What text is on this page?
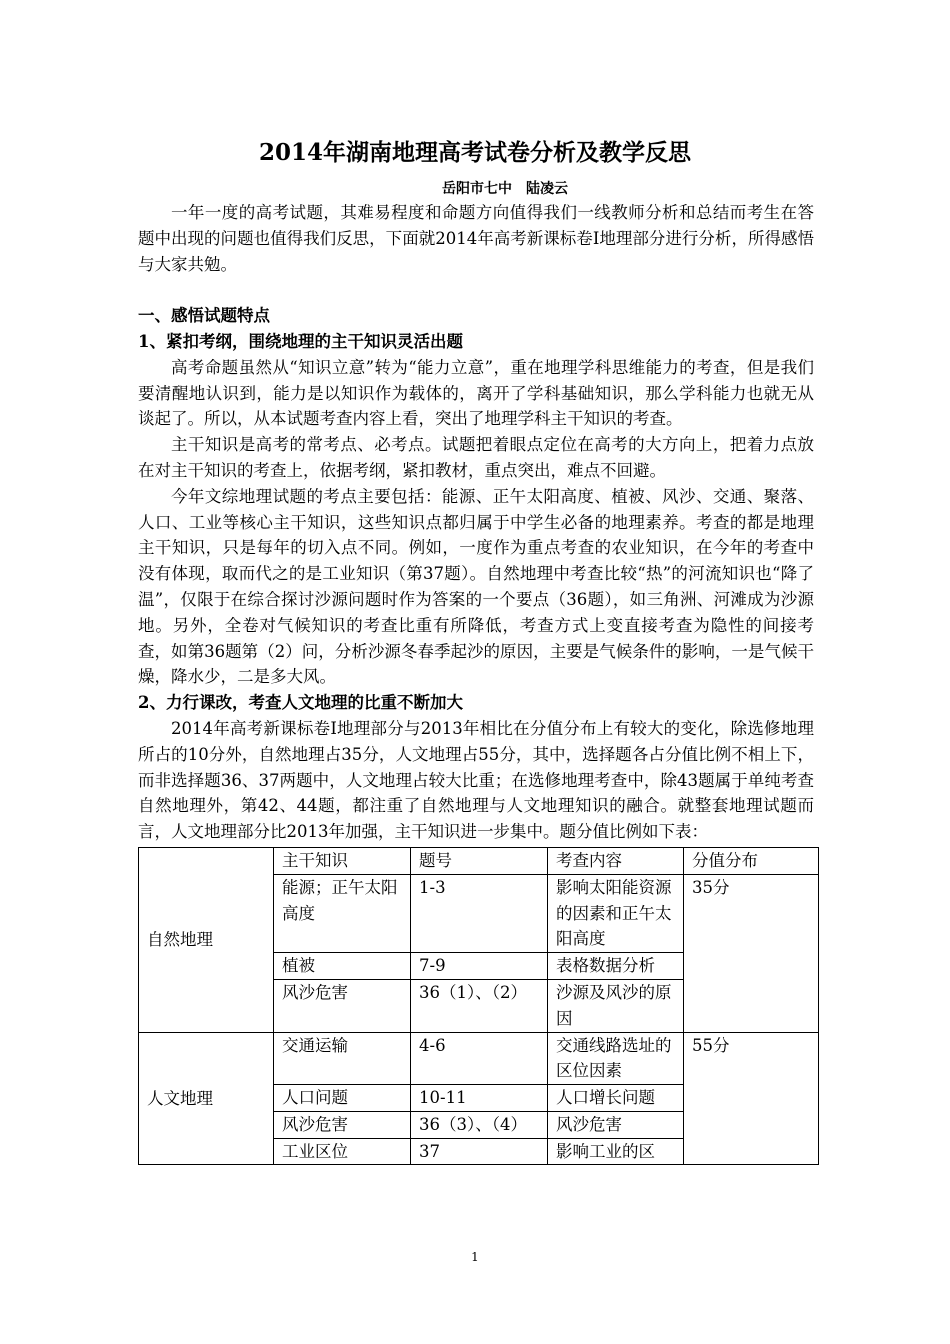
2014年湖南地理高考试卷分析及教学反思
岳阳市七中　陆凌云

一年一度的高考试题，其难易程度和命题方向值得我们一线教师分析和总结而考生在答题中出现的问题也值得我们反思，下面就2014年高考新课标卷I地理部分进行分析，所得感悟与大家共勉。

一、感悟试题特点
1、紧扣考纲，围绕地理的主干知识灵活出题

高考命题虽然从“知识立意”转为“能力立意”，重在地理学科思维能力的考查，但是我们要清醒地认识到，能力是以知识作为载体的，离开了学科基础知识，那么学科能力也就无从谈起了。所以，从本试题考查内容上看，突出了地理学科主干知识的考查。

主干知识是高考的常考点、必考点。试题把着眼点定位在高考的大方向上，把着力点放在对主干知识的考查上，依据考纲，紧扣教材，重点突出，难点不回避。

今年文综地理试题的考点主要包括：能源、正午太阳高度、植被、风沙、交通、聚落、人口、工业等核心主干知识，这些知识点都归属于中学生必备的地理素养。考查的都是地理主干知识，只是每年的切入点不同。例如，一度作为重点考查的农业知识，在今年的考查中没有体现，取而代之的是工业知识（第37题）。自然地理中考查比较“热”的河流知识也“降了温”，仅限于在综合探讨沙源问题时作为答案的一个要点（36题），如三角洲、河滩成为沙源地。另外，全卷对气候知识的考查比重有所降低，考查方式上变直接考查为隐性的间接考查，如第36题第（2）问，分析沙源冬春季起沙的原因，主要是气候条件的影响，一是气候干燥，降水少，二是多大风。

2、力行课改，考查人文地理的比重不断加大

2014年高考新课标卷Ⅰ地理部分与2013年相比在分值分布上有较大的变化，除选修地理所占的10分外，自然地理占35分，人文地理占55分，其中，选择题各占分值比例不相上下，而非选择题36、37两题中，人文地理占较大比重；在选修地理考查中，除43题属于单纯考查自然地理外，第42、44题，都注重了自然地理与人文地理知识的融合。就整套地理试题而言，人文地理部分比2013年加强，主干知识进一步集中。题分值比例如下表：

自然地理	主干知识	题号	考查内容	分值分布
	能源；正午太阳高度	1-3	影响太阳能资源的因素和正午太阳高度	35分
	植被	7-9	表格数据分析	
	风沙危害	36（1）、（2）	沙源及风沙的原因	
人文地理	交通运输	4-6	交通线路选址的区位因素	55分
	人口问题	10-11	人口增长问题	
	风沙危害	36（3）、（4）	风沙危害	
	工业区位	37	影响工业的区	
1
